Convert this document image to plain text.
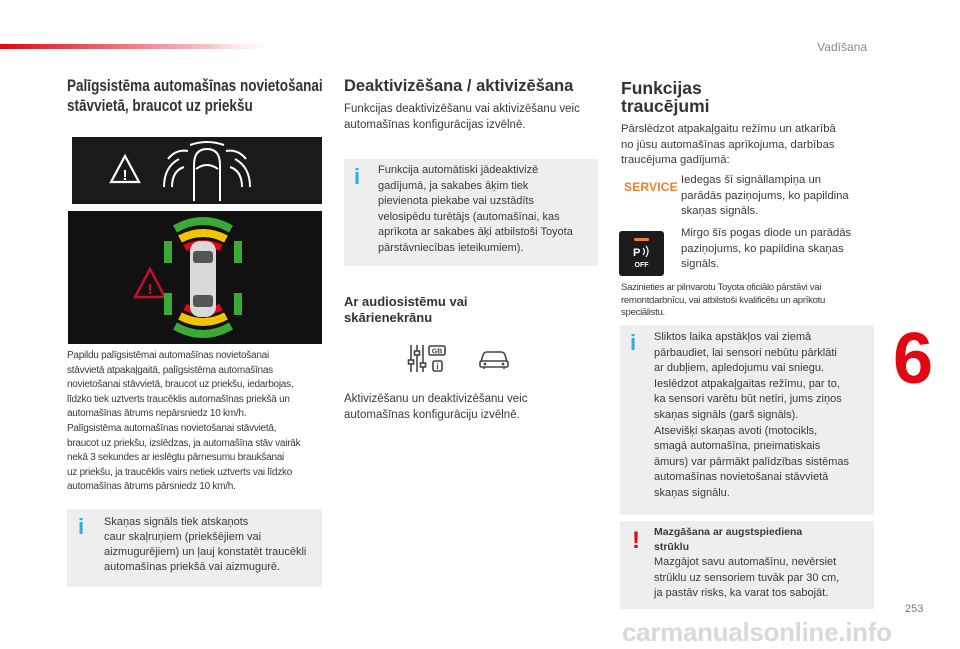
Vadīšana
Palīgsistēma automašīnas novietošanai
stāvvietā, braucot uz priekšu
!
!
Papildu palīgsistēmai automašīnas novietošanai
stāvvietā atpakaļgaitā, palīgsistēma automašīnas
novietošanai stāvvietā, braucot uz priekšu, iedarbojas,
līdzko tiek uztverts traucēklis automašīnas priekšā un
automašīnas ātrums nepārsniedz 10 km/h.
Palīgsistēma automašīnas novietošanai stāvvietā,
braucot uz priekšu, izslēdzas, ja automašīna stāv vairāk
nekā 3 sekundes ar ieslēgtu pārnesumu braukšanai
uz priekšu, ja traucēklis vairs netiek uztverts vai līdzko
automašīnas ātrums pārsniedz 10 km/h.
i Skaņas signāls tiek atskaņots
caur skaļruņiem (priekšējiem vai
aizmugurējiem) un ļauj konstatēt traucēkli
automašīnas priekšā vai aizmugurē.
Deaktivizēšana / aktivizēšana
Funkcijas deaktivizēšanu vai aktivizēšanu veic
automašīnas konfigurācijas izvēlnē.
i Funkcija automātiski jādeaktivizē
gadījumā, ja sakabes āķim tiek
pievienota piekabe vai uzstādīts
velosipēdu turētājs (automašīnai, kas
aprīkota ar sakabes āķi atbilstoši Toyota
pārstāvniecības ieteikumiem).
Ar audiosistēmu vai
skārienekrānu
GB
i
Aktivizēšanu un deaktivizēšanu veic
automašīnas konfigurāciju izvēlnē.
Funkcijas
traucējumi
Pārslēdzot atpakaļgaitu režīmu un atkarībā
no jūsu automašīnas aprīkojuma, darbības
traucējuma gadījumā:
SERVICE Iedegas šī signāllampiņa un
parādās paziņojums, ko papildina
skaņas signāls.
P
OFF
Mirgo šīs pogas diode un parādās
paziņojums, ko papildina skaņas
signāls.
Sazinieties ar pilnvarotu Toyota oficiālo pārstāvi vai
remontdarbnīcu, vai atbilstoši kvalificētu un aprīkotu
speciālistu.
i Sliktos laika apstākļos vai ziemā
pārbaudiet, lai sensori nebūtu pārklāti
ar dubļiem, apledojumu vai sniegu.
Ieslēdzot atpakaļgaitas režīmu, par to,
ka sensori varētu būt netīri, jums ziņos
skaņas signāls (garš signāls).
Atsevišķi skaņas avoti (motocikls,
smagā automašīna, pneimatiskais
āmurs) var pārmākt palīdzības sistēmas
automašīnas novietošanai stāvvietā
skaņas signālu.
! Mazgāšana ar augstspiediena
strūklu
Mazgājot savu automašīnu, nevērsiet
strūklu uz sensoriem tuvāk par 30 cm,
ja pastāv risks, ka varat tos sabojāt.
6
253
carmanualsonline.info
